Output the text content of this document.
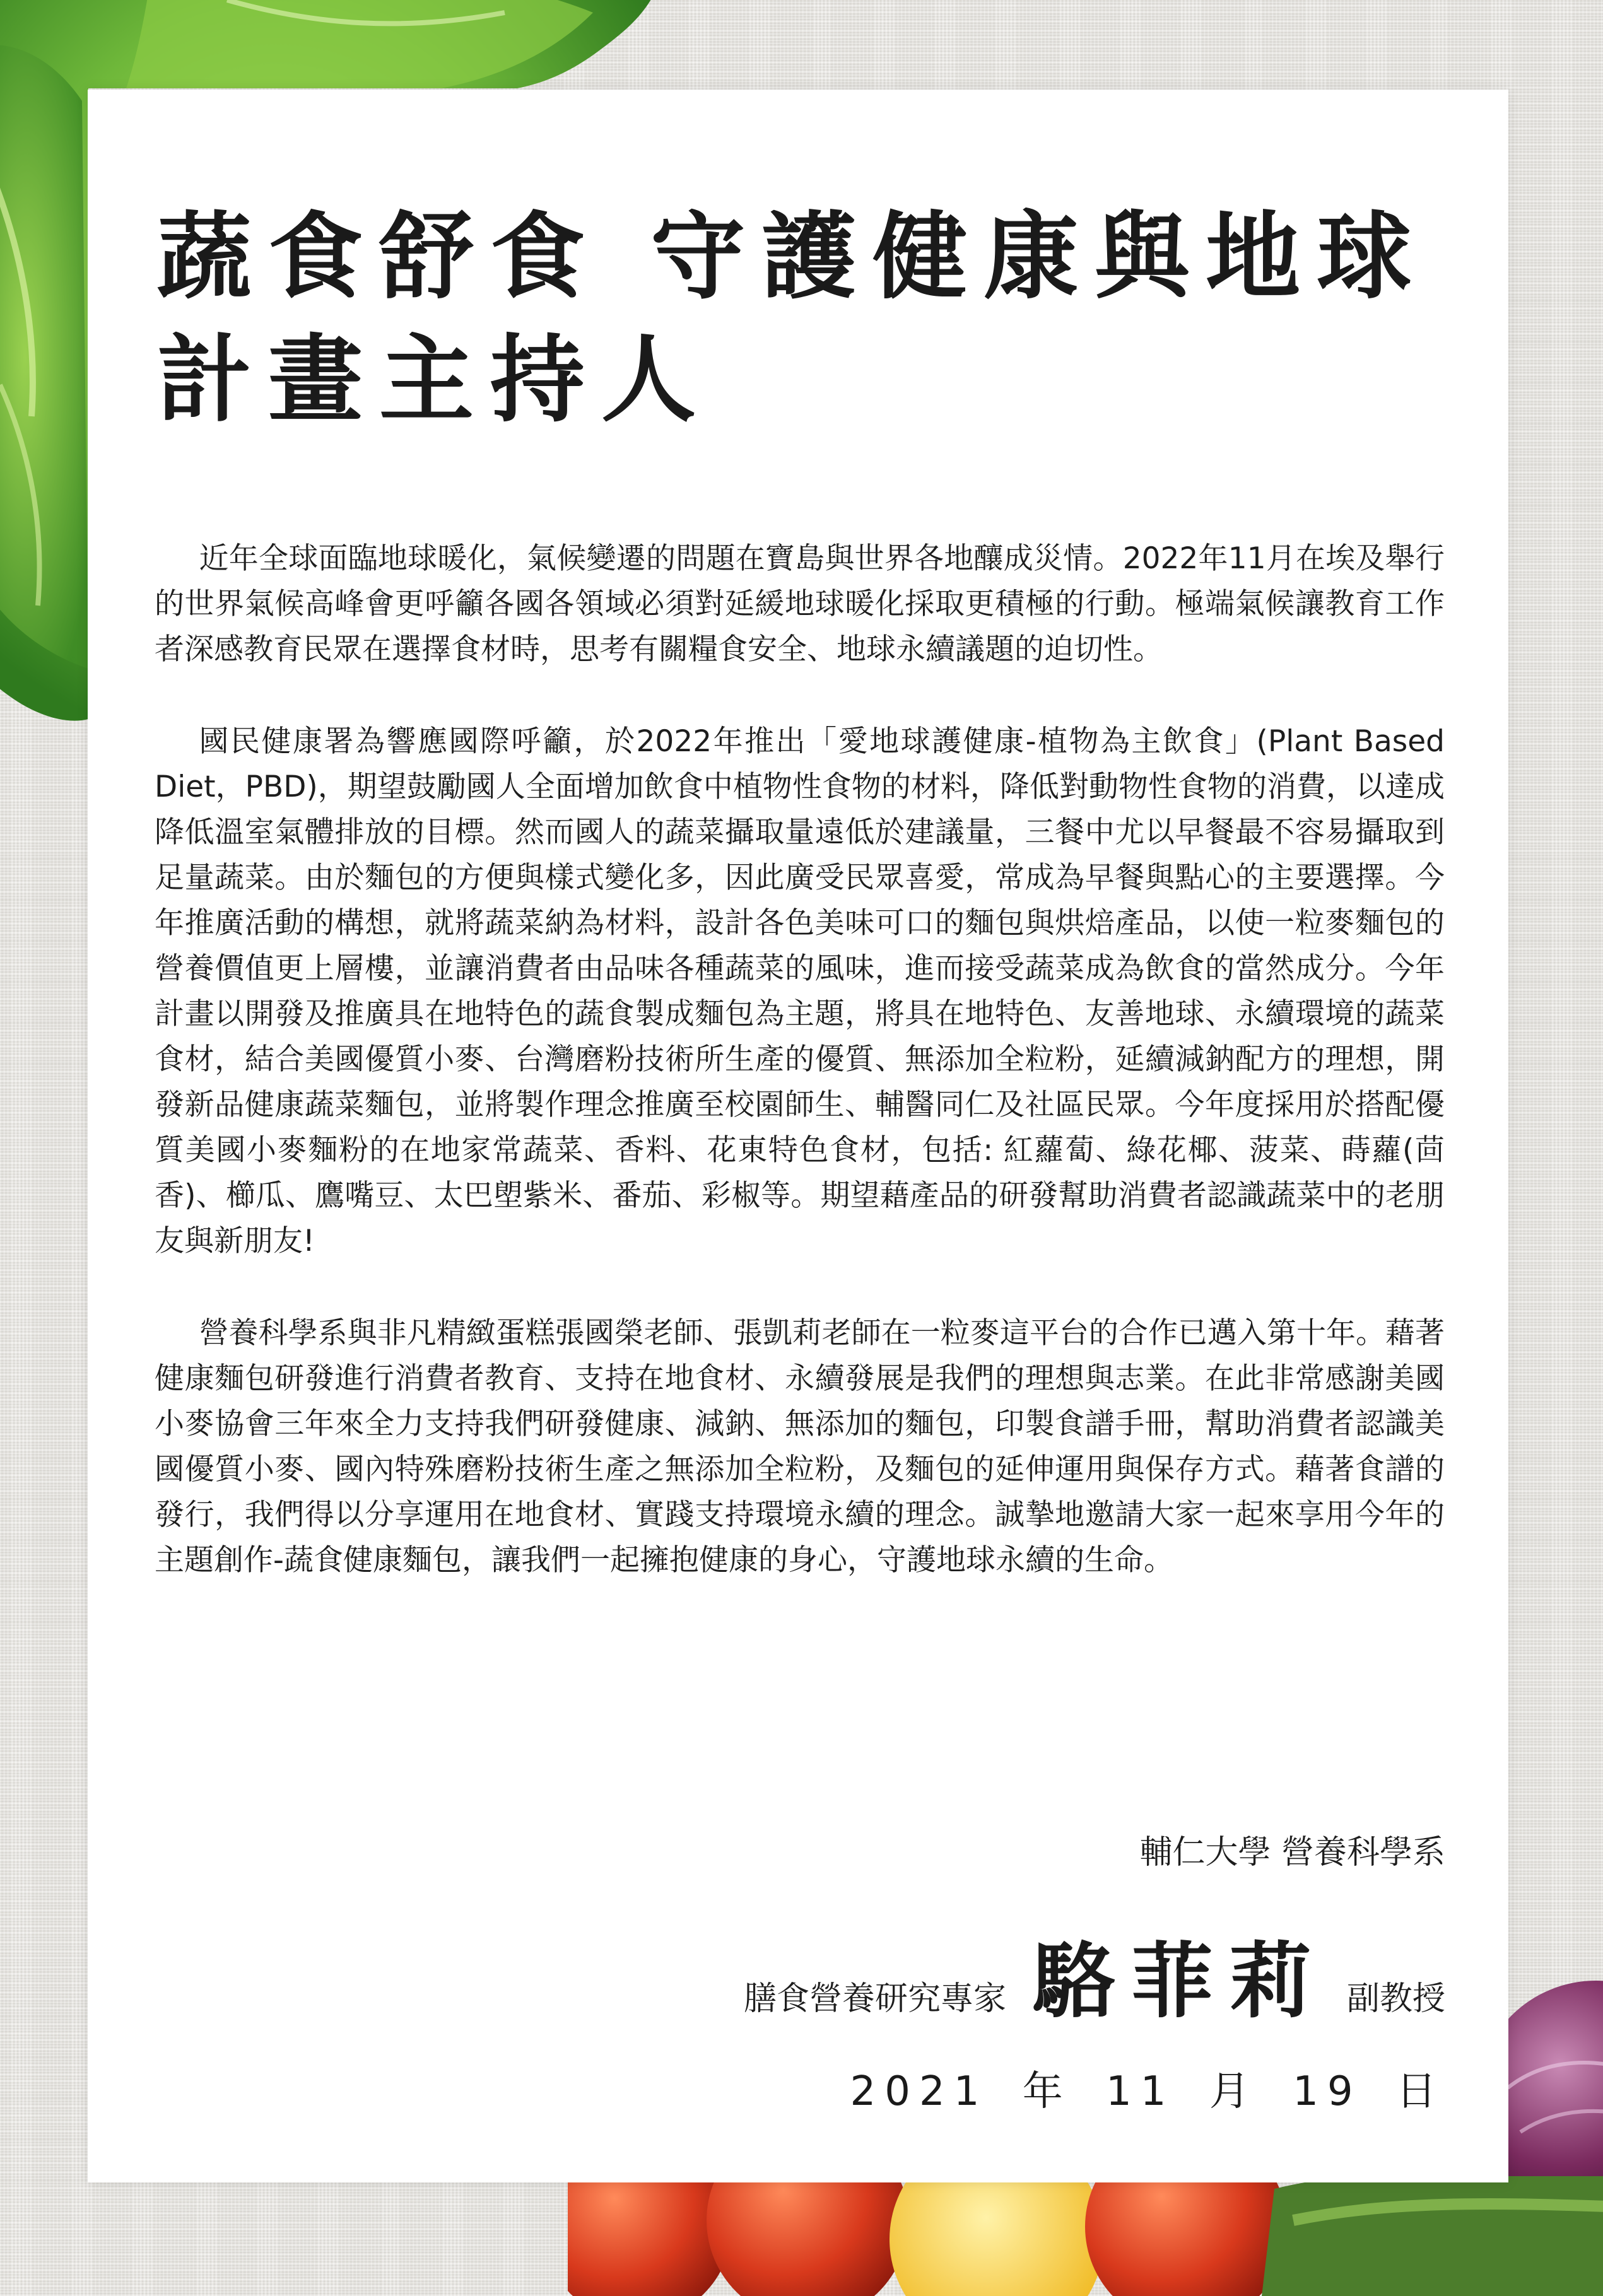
蔬食舒食 守護健康與地球
計畫主持人

近年全球面臨地球暖化，氣候變遷的問題在寶島與世界各地釀成災情。2022年11月在埃及舉行的世界氣候高峰會更呼籲各國各領域必須對延緩地球暖化採取更積極的行動。極端氣候讓教育工作者深感教育民眾在選擇食材時，思考有關糧食安全、地球永續議題的迫切性。

國民健康署為響應國際呼籲，於2022年推出「愛地球護健康-植物為主飲食」(Plant Based Diet，PBD)，期望鼓勵國人全面增加飲食中植物性食物的材料，降低對動物性食物的消費，以達成降低溫室氣體排放的目標。然而國人的蔬菜攝取量遠低於建議量，三餐中尤以早餐最不容易攝取到足量蔬菜。由於麵包的方便與樣式變化多，因此廣受民眾喜愛，常成為早餐與點心的主要選擇。今年推廣活動的構想，就將蔬菜納為材料，設計各色美味可口的麵包與烘焙產品，以使一粒麥麵包的營養價值更上層樓，並讓消費者由品味各種蔬菜的風味，進而接受蔬菜成為飲食的當然成分。今年計畫以開發及推廣具在地特色的蔬食製成麵包為主題，將具在地特色、友善地球、永續環境的蔬菜食材，結合美國優質小麥、台灣磨粉技術所生產的優質、無添加全粒粉，延續減鈉配方的理想，開發新品健康蔬菜麵包，並將製作理念推廣至校園師生、輔醫同仁及社區民眾。今年度採用於搭配優質美國小麥麵粉的在地家常蔬菜、香料、花東特色食材，包括: 紅蘿蔔、綠花椰、菠菜、蒔蘿(茴香)、櫛瓜、鷹嘴豆、太巴塱紫米、番茄、彩椒等。期望藉產品的研發幫助消費者認識蔬菜中的老朋友與新朋友!

營養科學系與非凡精緻蛋糕張國榮老師、張凱莉老師在一粒麥這平台的合作已邁入第十年。藉著健康麵包研發進行消費者教育、支持在地食材、永續發展是我們的理想與志業。在此非常感謝美國小麥協會三年來全力支持我們研發健康、減鈉、無添加的麵包，印製食譜手冊，幫助消費者認識美國優質小麥、國內特殊磨粉技術生產之無添加全粒粉，及麵包的延伸運用與保存方式。藉著食譜的發行，我們得以分享運用在地食材、實踐支持環境永續的理念。誠摯地邀請大家一起來享用今年的主題創作-蔬食健康麵包，讓我們一起擁抱健康的身心，守護地球永續的生命。

輔仁大學 營養科學系
膳食營養研究專家 駱菲莉 副教授
2021 年 11 月 19 日
